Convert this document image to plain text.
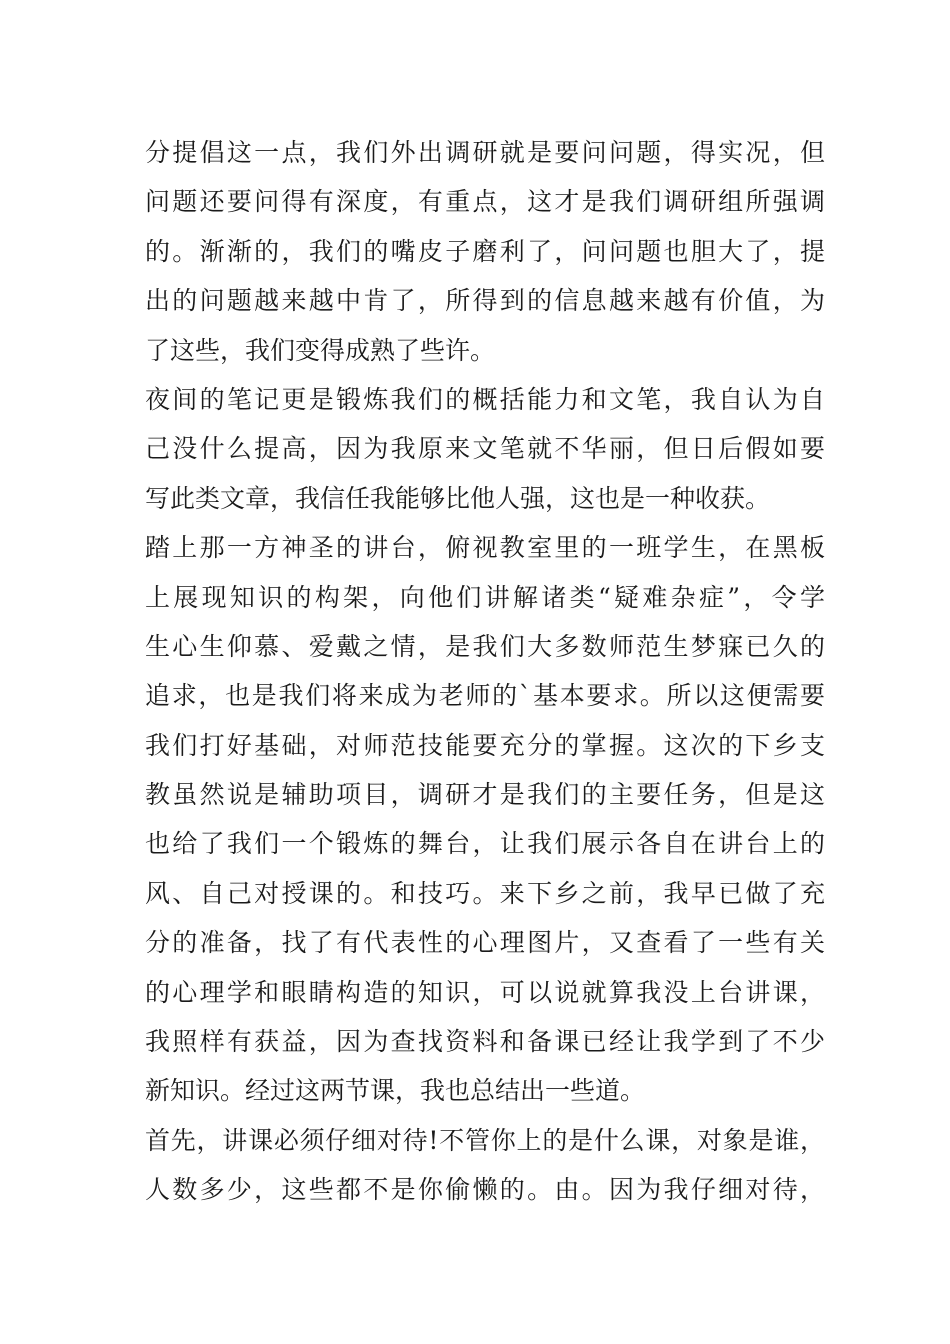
分提倡这一点，我们外出调研就是要问问题，得实况，但
问题还要问得有深度，有重点，这才是我们调研组所强调
的。渐渐的，我们的嘴皮子磨利了，问问题也胆大了，提
出的问题越来越中肯了，所得到的信息越来越有价值，为
了这些，我们变得成熟了些许。
夜间的笔记更是锻炼我们的概括能力和文笔，我自认为自
己没什么提高，因为我原来文笔就不华丽，但日后假如要
写此类文章，我信任我能够比他人强，这也是一种收获。
踏上那一方神圣的讲台，俯视教室里的一班学生，在黑板
上展现知识的构架，向他们讲解诸类“疑难杂症”，令学
生心生仰慕、爱戴之情，是我们大多数师范生梦寐已久的
追求，也是我们将来成为老师的`基本要求。所以这便需要
我们打好基础，对师范技能要充分的掌握。这次的下乡支
教虽然说是辅助项目，调研才是我们的主要任务，但是这
也给了我们一个锻炼的舞台，让我们展示各自在讲台上的
风、自己对授课的。和技巧。来下乡之前，我早已做了充
分的准备，找了有代表性的心理图片，又查看了一些有关
的心理学和眼睛构造的知识，可以说就算我没上台讲课，
我照样有获益，因为查找资料和备课已经让我学到了不少
新知识。经过这两节课，我也总结出一些道。
首先，讲课必须仔细对待!不管你上的是什么课，对象是谁，
人数多少，这些都不是你偷懒的。由。因为我仔细对待，
